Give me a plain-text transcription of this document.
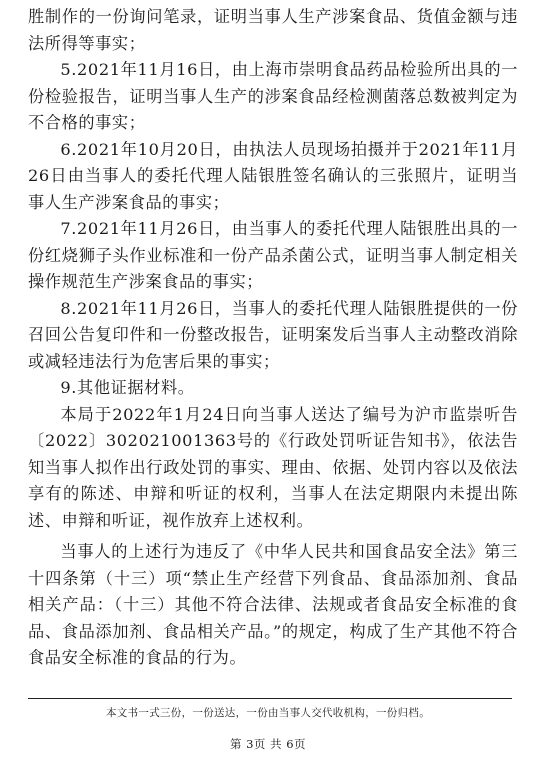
胜制作的一份询问笔录，证明当事人生产涉案食品、货值金额与违法所得等事实；

5.2021年11月16日，由上海市崇明食品药品检验所出具的一份检验报告，证明当事人生产的涉案食品经检测菌落总数被判定为不合格的事实；

6.2021年10月20日，由执法人员现场拍摄并于2021年11月26日由当事人的委托代理人陆银胜签名确认的三张照片，证明当事人生产涉案食品的事实；

7.2021年11月26日，由当事人的委托代理人陆银胜出具的一份红烧狮子头作业标准和一份产品杀菌公式，证明当事人制定相关操作规范生产涉案食品的事实；

8.2021年11月26日，当事人的委托代理人陆银胜提供的一份召回公告复印件和一份整改报告，证明案发后当事人主动整改消除或减轻违法行为危害后果的事实；

9.其他证据材料。

本局于2022年1月24日向当事人送达了编号为沪市监崇听告〔2022〕302021001363号的《行政处罚听证告知书》，依法告知当事人拟作出行政处罚的事实、理由、依据、处罚内容以及依法享有的陈述、申辩和听证的权利，当事人在法定期限内未提出陈述、申辩和听证，视作放弃上述权利。

当事人的上述行为违反了《中华人民共和国食品安全法》第三十四条第（十三）项“禁止生产经营下列食品、食品添加剂、食品相关产品：（十三）其他不符合法律、法规或者食品安全标准的食品、食品添加剂、食品相关产品。”的规定，构成了生产其他不符合食品安全标准的食品的行为。

本文书一式三份，一份送达，一份由当事人交代收机构，一份归档。
第 3页 共 6页
